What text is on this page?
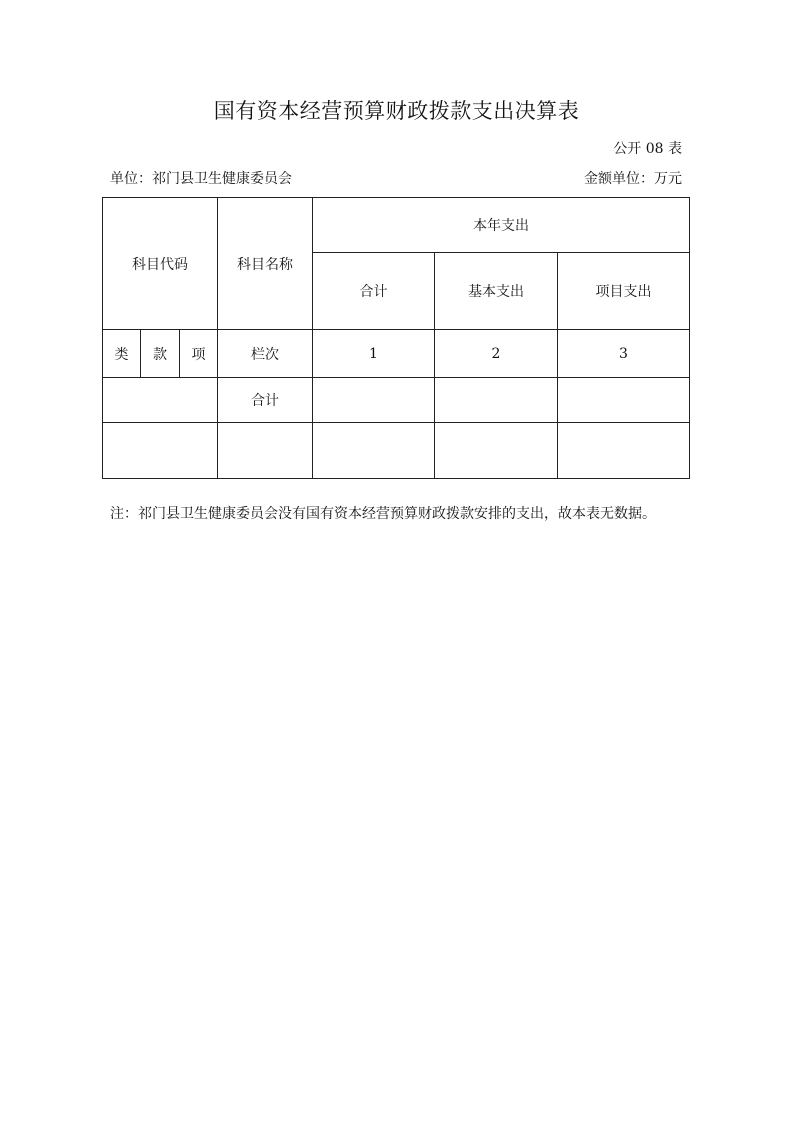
国有资本经营预算财政拨款支出决算表
公开 08 表
单位：祁门县卫生健康委员会	金额单位：万元
科目代码			科目名称	本年支出		
				合计	基本支出	项目支出
类	款	项	栏次	1	2	3
			合计			

注：祁门县卫生健康委员会没有国有资本经营预算财政拨款安排的支出，故本表无数据。
